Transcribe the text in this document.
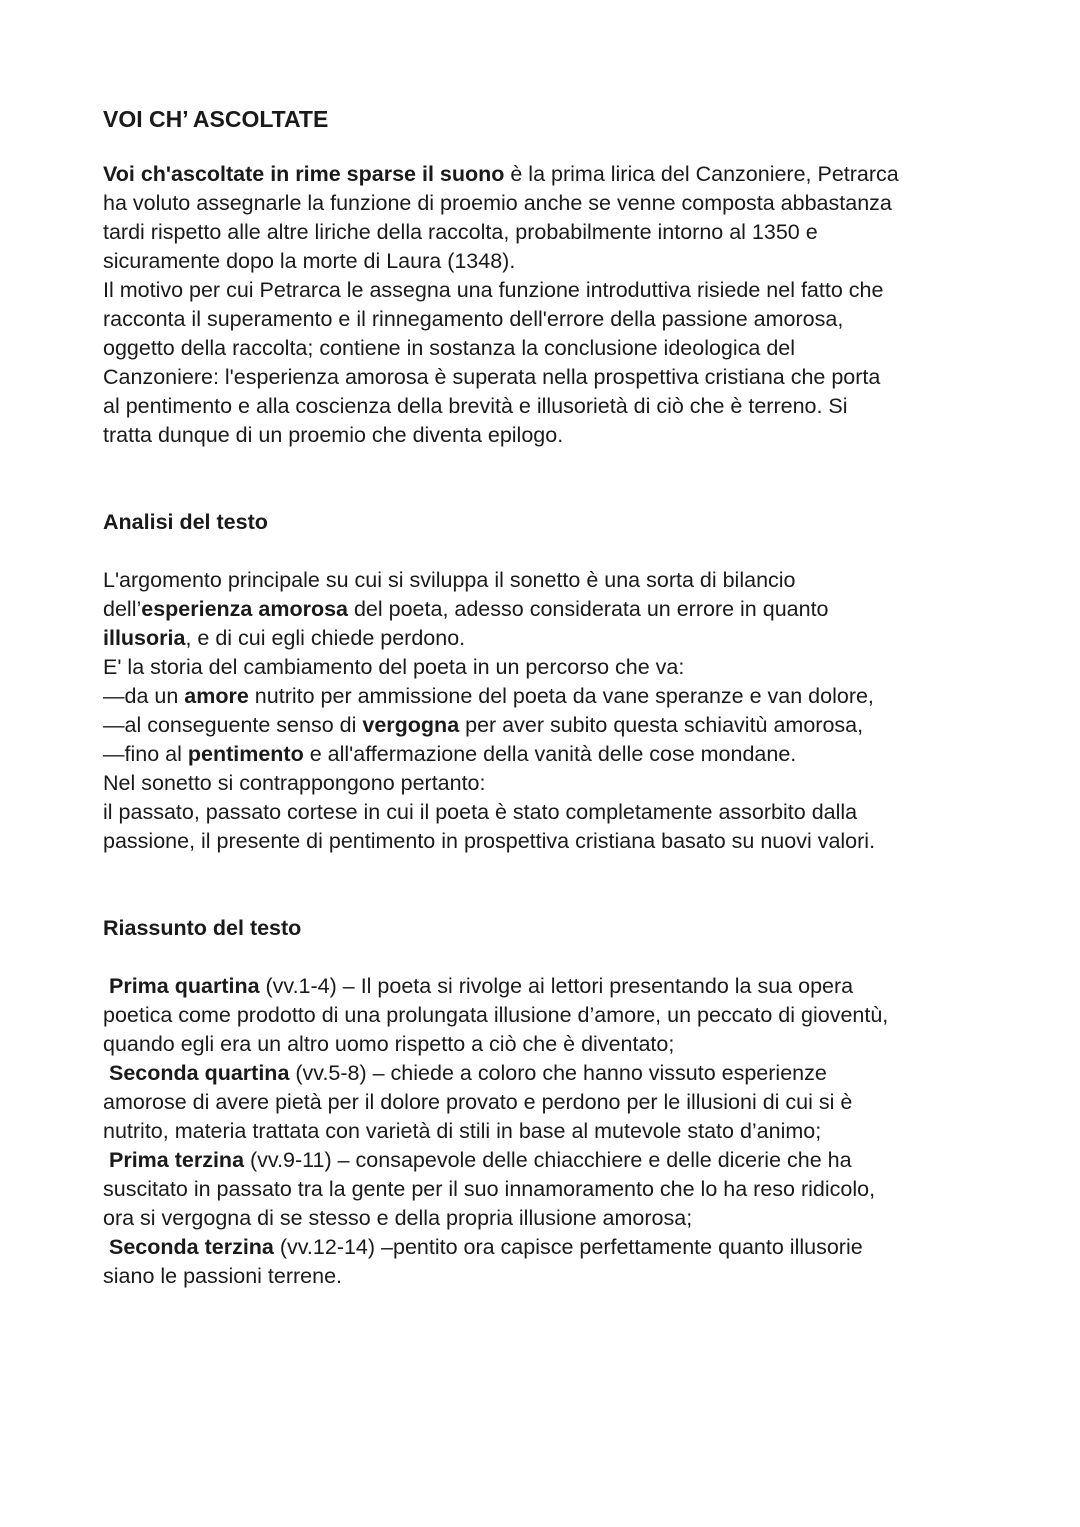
VOI CH’ ASCOLTATE

Voi ch'ascoltate in rime sparse il suono è la prima lirica del Canzoniere, Petrarca

ha voluto assegnarle la funzione di proemio anche se venne composta abbastanza

tardi rispetto alle altre liriche della raccolta, probabilmente intorno al 1350 e

sicuramente dopo la morte di Laura (1348).

Il motivo per cui Petrarca le assegna una funzione introduttiva risiede nel fatto che

racconta il superamento e il rinnegamento dell'errore della passione amorosa,

oggetto della raccolta; contiene in sostanza la conclusione ideologica del

Canzoniere: l'esperienza amorosa è superata nella prospettiva cristiana che porta

al pentimento e alla coscienza della brevità e illusorietà di ciò che è terreno. Si

tratta dunque di un proemio che diventa epilogo.

Analisi del testo

L'argomento principale su cui si sviluppa il sonetto è una sorta di bilancio

dell’esperienza amorosa del poeta, adesso considerata un errore in quanto

illusoria, e di cui egli chiede perdono.

E' la storia del cambiamento del poeta in un percorso che va:

—da un amore nutrito per ammissione del poeta da vane speranze e van dolore,

—al conseguente senso di vergogna per aver subito questa schiavitù amorosa,

—fino al pentimento e all'affermazione della vanità delle cose mondane.

Nel sonetto si contrappongono pertanto:

il passato, passato cortese in cui il poeta è stato completamente assorbito dalla

passione, il presente di pentimento in prospettiva cristiana basato su nuovi valori.

Riassunto del testo

Prima quartina (vv.1-4) – Il poeta si rivolge ai lettori presentando la sua opera

poetica come prodotto di una prolungata illusione d’amore, un peccato di gioventù,

quando egli era un altro uomo rispetto a ciò che è diventato;

Seconda quartina (vv.5-8) – chiede a coloro che hanno vissuto esperienze

amorose di avere pietà per il dolore provato e perdono per le illusioni di cui si è

nutrito, materia trattata con varietà di stili in base al mutevole stato d’animo;

Prima terzina (vv.9-11) – consapevole delle chiacchiere e delle dicerie che ha

suscitato in passato tra la gente per il suo innamoramento che lo ha reso ridicolo,

ora si vergogna di se stesso e della propria illusione amorosa;

Seconda terzina (vv.12-14) –pentito ora capisce perfettamente quanto illusorie

siano le passioni terrene.
